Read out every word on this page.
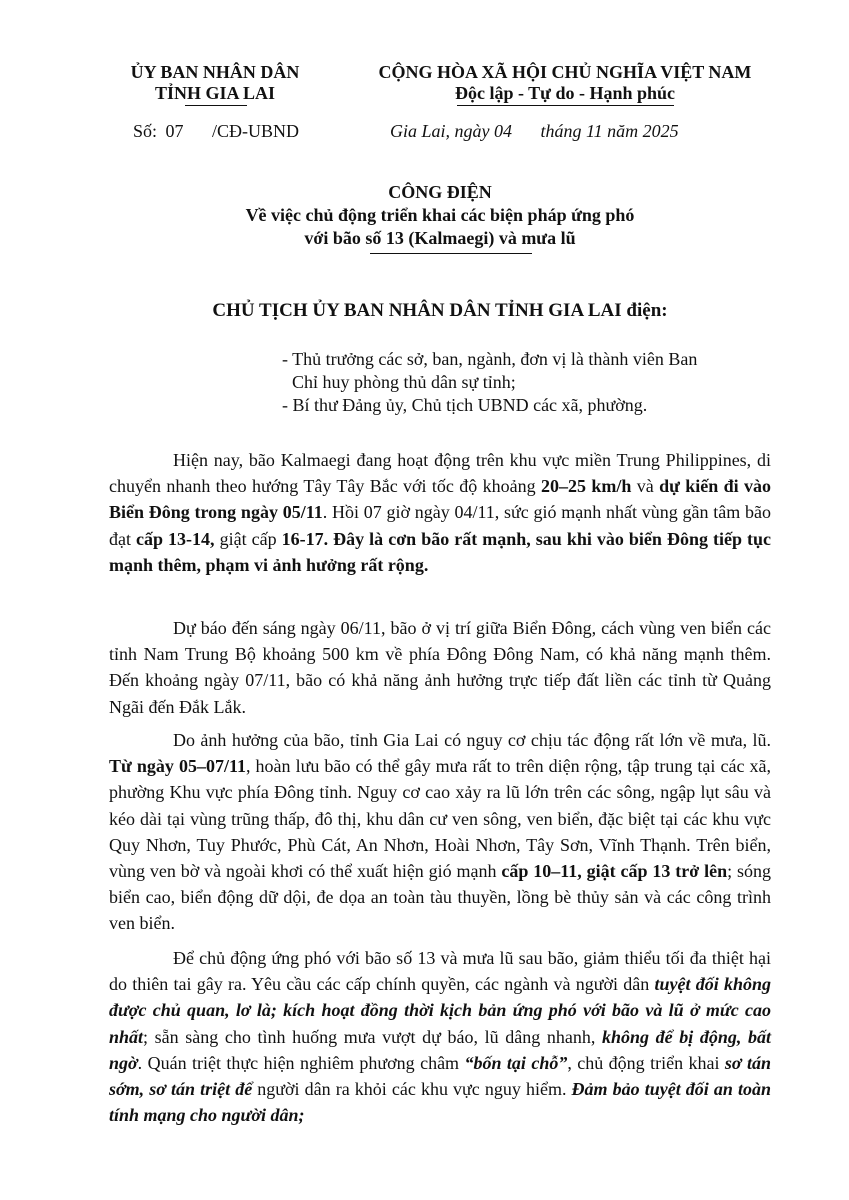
ỦY BAN NHÂN DÂN
TỈNH GIA LAI
CỘNG HÒA XÃ HỘI CHỦ NGHĨA VIỆT NAM
Độc lập - Tự do - Hạnh phúc
Số: 07 /CĐ-UBND	Gia Lai, ngày 04 tháng 11 năm 2025
CÔNG ĐIỆN
Về việc chủ động triển khai các biện pháp ứng phó
với bão số 13 (Kalmaegi) và mưa lũ
CHỦ TỊCH ỦY BAN NHÂN DÂN TỈNH GIA LAI điện:
- Thủ trưởng các sở, ban, ngành, đơn vị là thành viên Ban
Chỉ huy phòng thủ dân sự tỉnh;
- Bí thư Đảng ủy, Chủ tịch UBND các xã, phường.
Hiện nay, bão Kalmaegi đang hoạt động trên khu vực miền Trung Philippines, di chuyển nhanh theo hướng Tây Tây Bắc với tốc độ khoảng 20–25 km/h và dự kiến đi vào Biển Đông trong ngày 05/11. Hồi 07 giờ ngày 04/11, sức gió mạnh nhất vùng gần tâm bão đạt cấp 13-14, giật cấp 16-17. Đây là cơn bão rất mạnh, sau khi vào biển Đông tiếp tục mạnh thêm, phạm vi ảnh hưởng rất rộng.
Dự báo đến sáng ngày 06/11, bão ở vị trí giữa Biển Đông, cách vùng ven biển các tỉnh Nam Trung Bộ khoảng 500 km về phía Đông Đông Nam, có khả năng mạnh thêm. Đến khoảng ngày 07/11, bão có khả năng ảnh hưởng trực tiếp đất liền các tỉnh từ Quảng Ngãi đến Đắk Lắk.
Do ảnh hưởng của bão, tỉnh Gia Lai có nguy cơ chịu tác động rất lớn về mưa, lũ. Từ ngày 05–07/11, hoàn lưu bão có thể gây mưa rất to trên diện rộng, tập trung tại các xã, phường Khu vực phía Đông tỉnh. Nguy cơ cao xảy ra lũ lớn trên các sông, ngập lụt sâu và kéo dài tại vùng trũng thấp, đô thị, khu dân cư ven sông, ven biển, đặc biệt tại các khu vực Quy Nhơn, Tuy Phước, Phù Cát, An Nhơn, Hoài Nhơn, Tây Sơn, Vĩnh Thạnh. Trên biển, vùng ven bờ và ngoài khơi có thể xuất hiện gió mạnh cấp 10–11, giật cấp 13 trở lên; sóng biển cao, biển động dữ dội, đe dọa an toàn tàu thuyền, lồng bè thủy sản và các công trình ven biển.
Để chủ động ứng phó với bão số 13 và mưa lũ sau bão, giảm thiểu tối đa thiệt hại do thiên tai gây ra. Yêu cầu các cấp chính quyền, các ngành và người dân tuyệt đối không được chủ quan, lơ là; kích hoạt đồng thời kịch bản ứng phó với bão và lũ ở mức cao nhất; sẵn sàng cho tình huống mưa vượt dự báo, lũ dâng nhanh, không để bị động, bất ngờ. Quán triệt thực hiện nghiêm phương châm “bốn tại chỗ”, chủ động triển khai sơ tán sớm, sơ tán triệt để người dân ra khỏi các khu vực nguy hiểm. Đảm bảo tuyệt đối an toàn tính mạng cho người dân;
